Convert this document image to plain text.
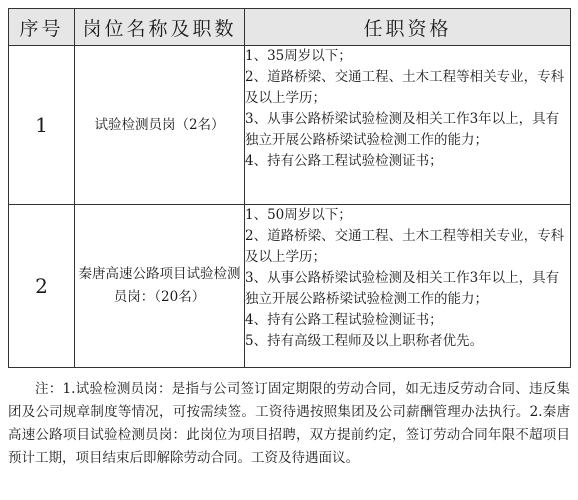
序号	岗位名称及职数	任职资格
1	试验检测员岗（2名）	1、35周岁以下；
2、道路桥梁、交通工程、土木工程等相关专业，专科及以上学历；
3、从事公路桥梁试验检测及相关工作3年以上，具有独立开展公路桥梁试验检测工作的能力；
4、持有公路工程试验检测证书；

2	秦唐高速公路项目试验检测员岗：（20名）	1、50周岁以下；
2、道路桥梁、交通工程、土木工程等相关专业，专科及以上学历；
3、从事公路桥梁试验检测及相关工作3年以上，具有独立开展公路桥梁试验检测工作的能力；
4、持有公路工程试验检测证书；
5、持有高级工程师及以上职称者优先。
注：1.试验检测员岗：是指与公司签订固定期限的劳动合同，如无违反劳动合同、违反集团及公司规章制度等情况，可按需续签。工资待遇按照集团及公司薪酬管理办法执行。2.秦唐高速公路项目试验检测员岗：此岗位为项目招聘，双方提前约定，签订劳动合同年限不超项目预计工期，项目结束后即解除劳动合同。工资及待遇面议。
